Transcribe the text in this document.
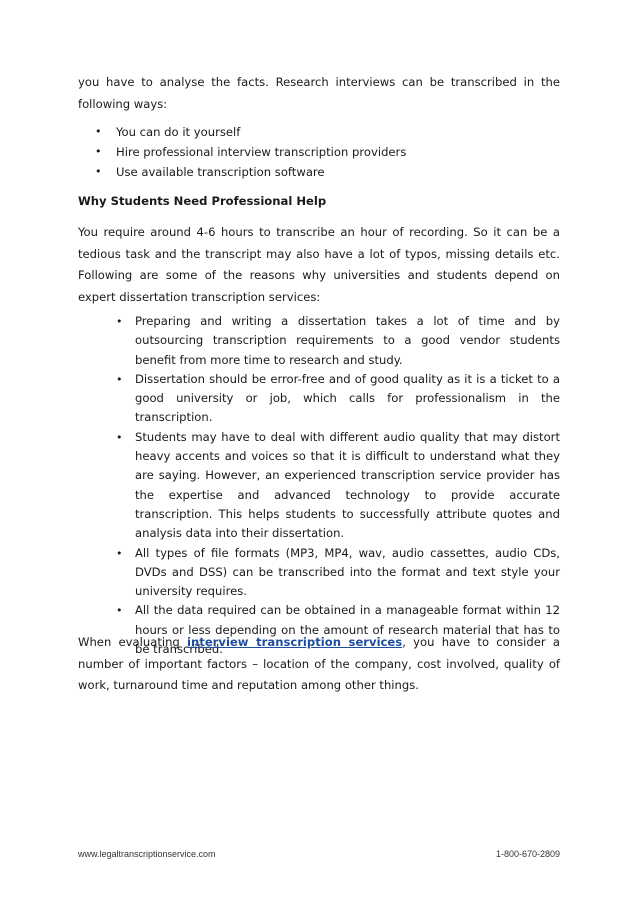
you have to analyse the facts. Research interviews can be transcribed in the following ways:

• You can do it yourself
• Hire professional interview transcription providers
• Use available transcription software
Why Students Need Professional Help

You require around 4-6 hours to transcribe an hour of recording. So it can be a tedious task and the transcript may also have a lot of typos, missing details etc. Following are some of the reasons why universities and students depend on expert dissertation transcription services:

• Preparing and writing a dissertation takes a lot of time and by outsourcing transcription requirements to a good vendor students benefit from more time to research and study.
• Dissertation should be error-free and of good quality as it is a ticket to a good university or job, which calls for professionalism in the transcription.
• Students may have to deal with different audio quality that may distort heavy accents and voices so that it is difficult to understand what they are saying. However, an experienced transcription service provider has the expertise and advanced technology to provide accurate transcription. This helps students to successfully attribute quotes and analysis data into their dissertation.
• All types of file formats (MP3, MP4, wav, audio cassettes, audio CDs, DVDs and DSS) can be transcribed into the format and text style your university requires.
• All the data required can be obtained in a manageable format within 12 hours or less depending on the amount of research material that has to be transcribed.

When evaluating interview transcription services, you have to consider a number of important factors – location of the company, cost involved, quality of work, turnaround time and reputation among other things.

www.legaltranscriptionservice.com	1-800-670-2809
